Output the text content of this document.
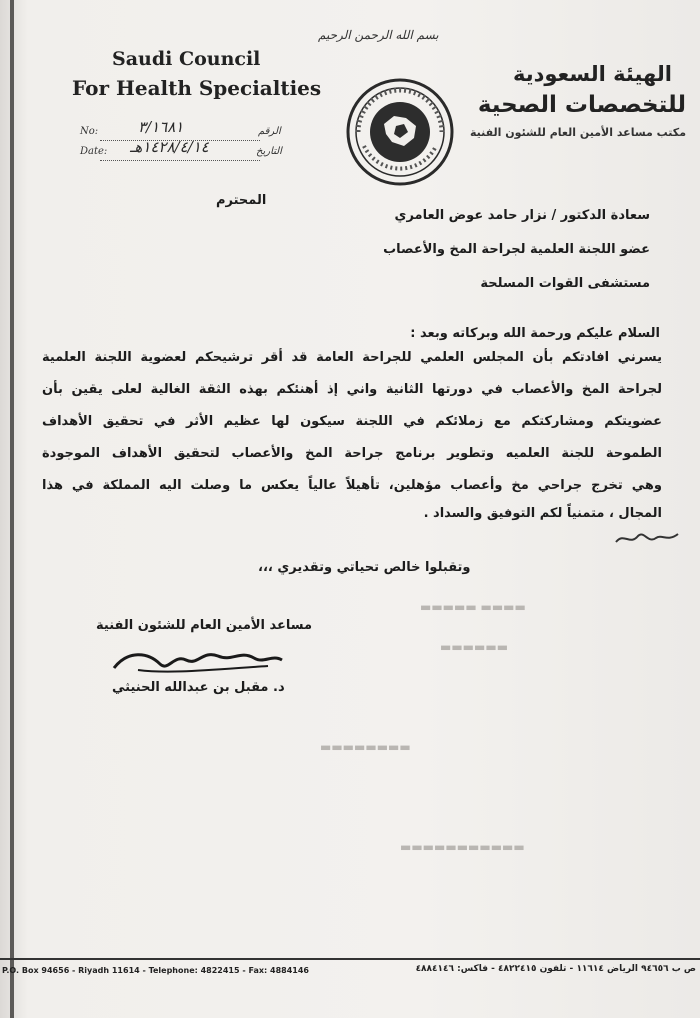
بسم الله الرحمن الرحيم
Saudi Council
For Health Specialties
الهيئة السعودية
للتخصصات الصحية
مكتب مساعد الأمين العام للشئون الفنية
No:	٣/١٦٨١	الرقم
Date: ١٤٢٨/٤/١٤هـ	التاريخ
المحترم
سعادة الدكتور / نزار حامد عوض العامري
عضو اللجنة العلمية لجراحة المخ والأعصاب
مستشفى القوات المسلحة
السلام عليكم ورحمة الله وبركاته وبعد :
يسرني افادتكم بأن المجلس العلمي للجراحة العامة قد أقر ترشيحكم لعضوية اللجنة العلمية
لجراحة المخ والأعصاب في دورتها الثانية واني إذ أهنئكم بهذه الثقة الغالية لعلى يقين بأن
عضويتكم ومشاركتكم مع زملائكم في اللجنة سيكون لها عظيم الأثر في تحقيق الأهداف
الطموحة للجنة العلميه وتطوير برنامج جراحة المخ والأعصاب لتحقيق الأهداف الموجودة
وهي تخرج جراحي مخ وأعصاب مؤهلين، تأهيلاً عالياً يعكس ما وصلت اليه المملكة في هذا
المجال ، متمنياً لكم التوفيق والسداد .
وتقبلوا خالص تحياتي وتقديري ،،،
مساعد الأمين العام للشئون الفنية
د. مقبل بن عبدالله الحنيثي
▬▬▬▬ ▬▬▬▬▬
▬▬▬▬▬▬
▬▬▬▬▬▬▬▬
▬▬▬▬▬▬▬▬▬▬▬
P.O. Box 94656 - Riyadh 11614 - Telephone: 4822415 - Fax: 4884146	ص ب ٩٤٦٥٦ الرياض ١١٦١٤ - تلفون ٤٨٢٢٤١٥ - فاكس: ٤٨٨٤١٤٦
